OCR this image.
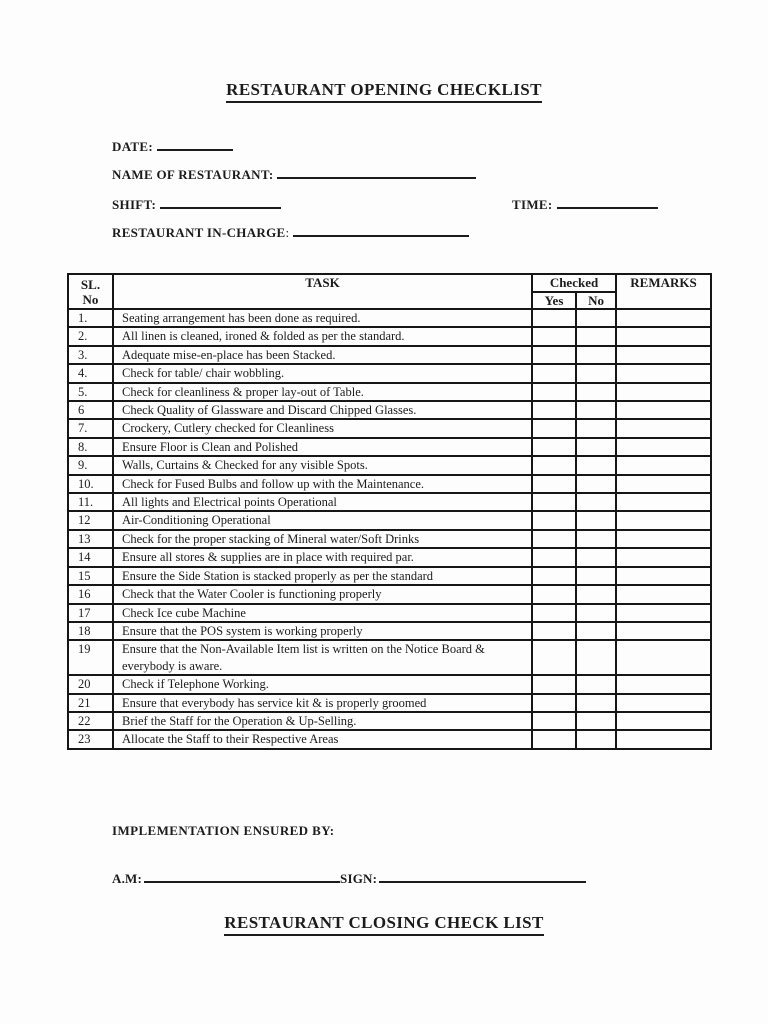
RESTAURANT OPENING CHECKLIST
DATE:
NAME OF RESTAURANT:
SHIFT:	TIME:
RESTAURANT IN-CHARGE:
SL.
No	TASK	Checked		REMARKS
		Yes	No	
1.	Seating arrangement has been done as required.			
2.	All linen is cleaned, ironed & folded as per the standard.			
3.	Adequate mise-en-place has been Stacked.			
4.	Check for table/ chair wobbling.			
5.	Check for cleanliness & proper lay-out of Table.			
6	Check Quality of Glassware and Discard Chipped Glasses.			
7.	Crockery, Cutlery checked for Cleanliness			
8.	Ensure Floor is Clean and Polished			
9.	Walls, Curtains & Checked for any visible Spots.			
10.	Check for Fused Bulbs and follow up with the Maintenance.			
11.	All lights and Electrical points Operational			
12	Air-Conditioning Operational			
13	Check for the proper stacking of Mineral water/Soft Drinks			
14	Ensure all stores & supplies are in place with required par.			
15	Ensure the Side Station is stacked properly as per the standard			
16	Check that the Water Cooler is functioning properly			
17	Check Ice cube Machine			
18	Ensure that the POS system is working properly			
19	Ensure that the Non-Available Item list is written on the Notice Board & everybody is aware.			
20	Check if Telephone Working.			
21	Ensure that everybody has service kit & is properly groomed			
22	Brief the Staff for the Operation & Up-Selling.			
23	Allocate the Staff to their Respective Areas			
IMPLEMENTATION ENSURED BY:
A.M:	SIGN:
RESTAURANT CLOSING CHECK LIST
